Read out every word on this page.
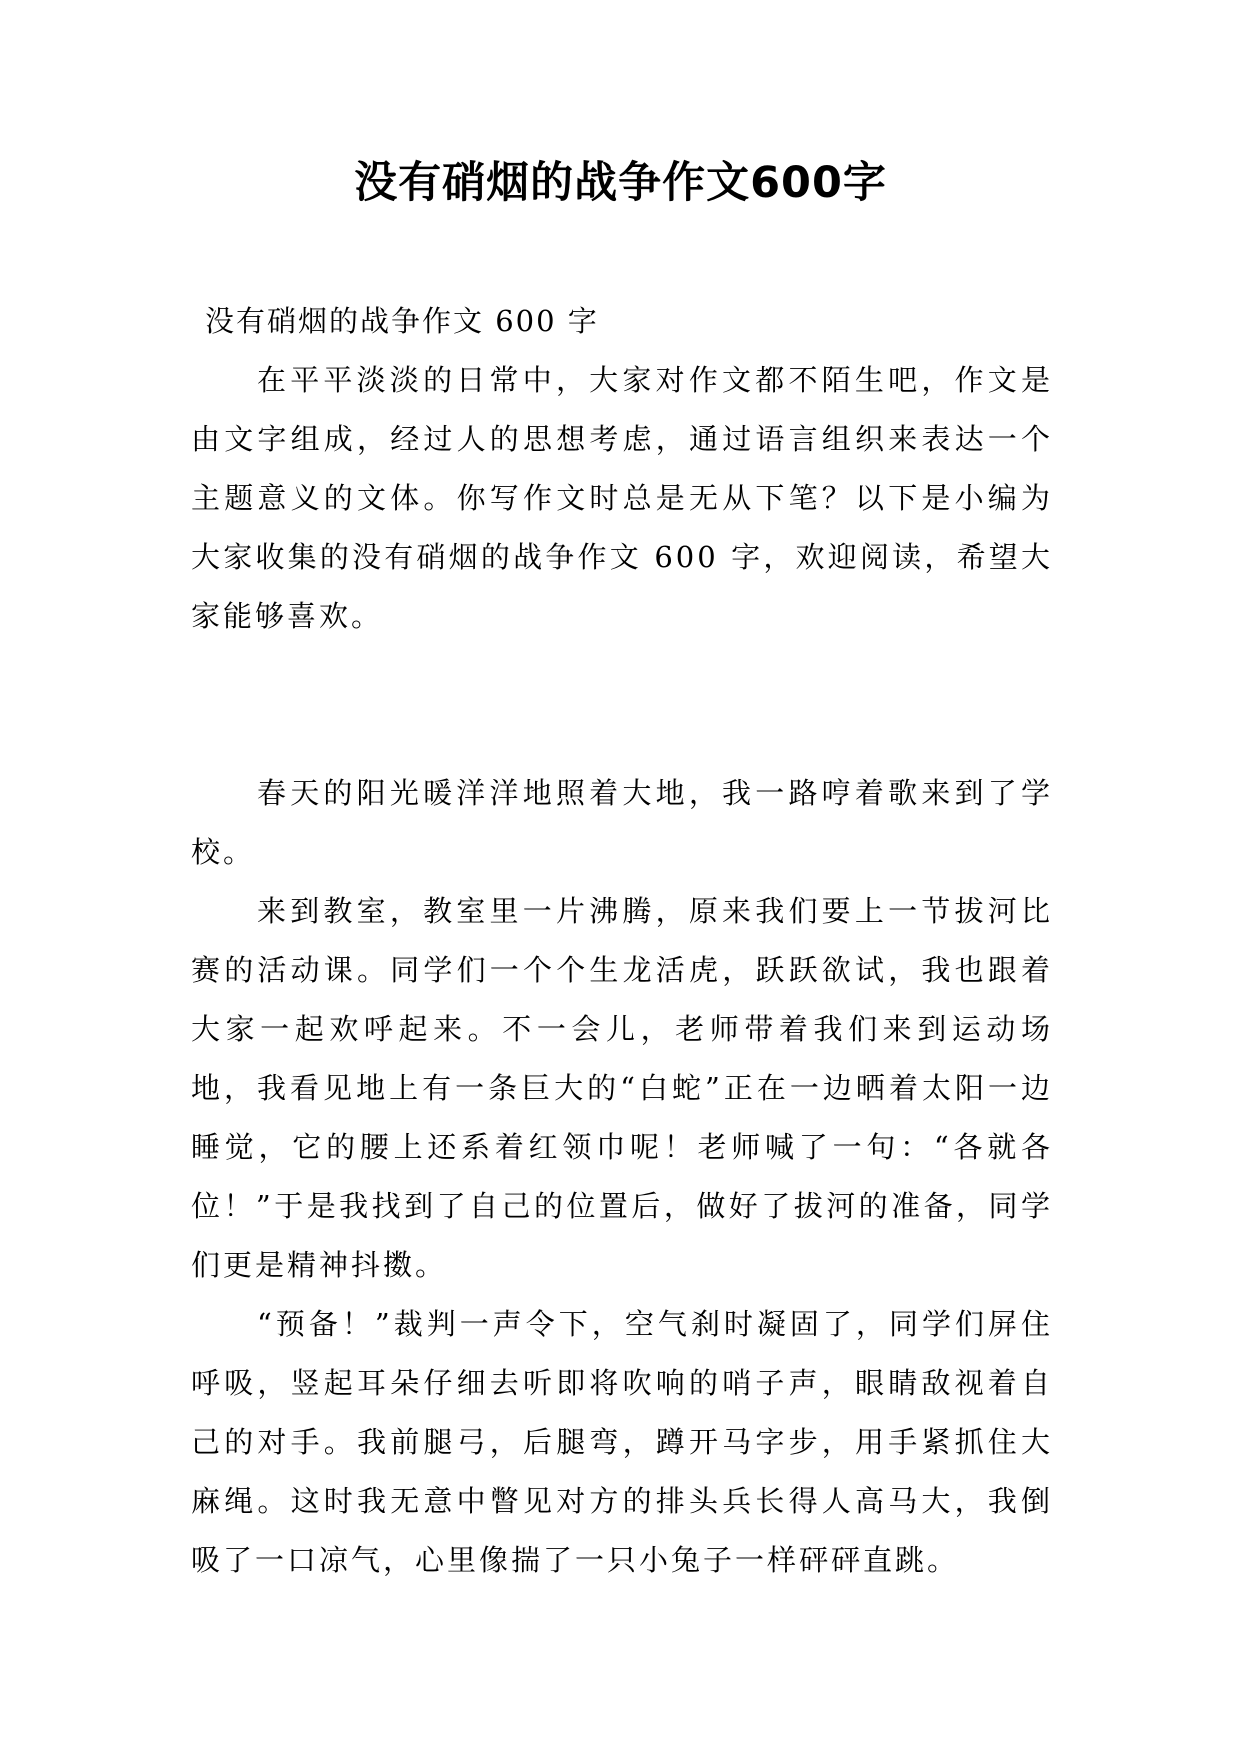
没有硝烟的战争作文600字

没有硝烟的战争作文 600 字

在平平淡淡的日常中，大家对作文都不陌生吧，作文是由文字组成，经过人的思想考虑，通过语言组织来表达一个主题意义的文体。你写作文时总是无从下笔？以下是小编为大家收集的没有硝烟的战争作文 600 字，欢迎阅读，希望大家能够喜欢。

春天的阳光暖洋洋地照着大地，我一路哼着歌来到了学校。

来到教室，教室里一片沸腾，原来我们要上一节拔河比赛的活动课。同学们一个个生龙活虎，跃跃欲试，我也跟着大家一起欢呼起来。不一会儿，老师带着我们来到运动场地，我看见地上有一条巨大的“白蛇”正在一边晒着太阳一边睡觉，它的腰上还系着红领巾呢！老师喊了一句：“各就各位！”于是我找到了自己的位置后，做好了拔河的准备，同学们更是精神抖擞。

“预备！”裁判一声令下，空气刹时凝固了，同学们屏住呼吸，竖起耳朵仔细去听即将吹响的哨子声，眼睛敌视着自己的对手。我前腿弓，后腿弯，蹲开马字步，用手紧抓住大麻绳。这时我无意中瞥见对方的排头兵长得人高马大，我倒吸了一口凉气，心里像揣了一只小兔子一样砰砰直跳。
